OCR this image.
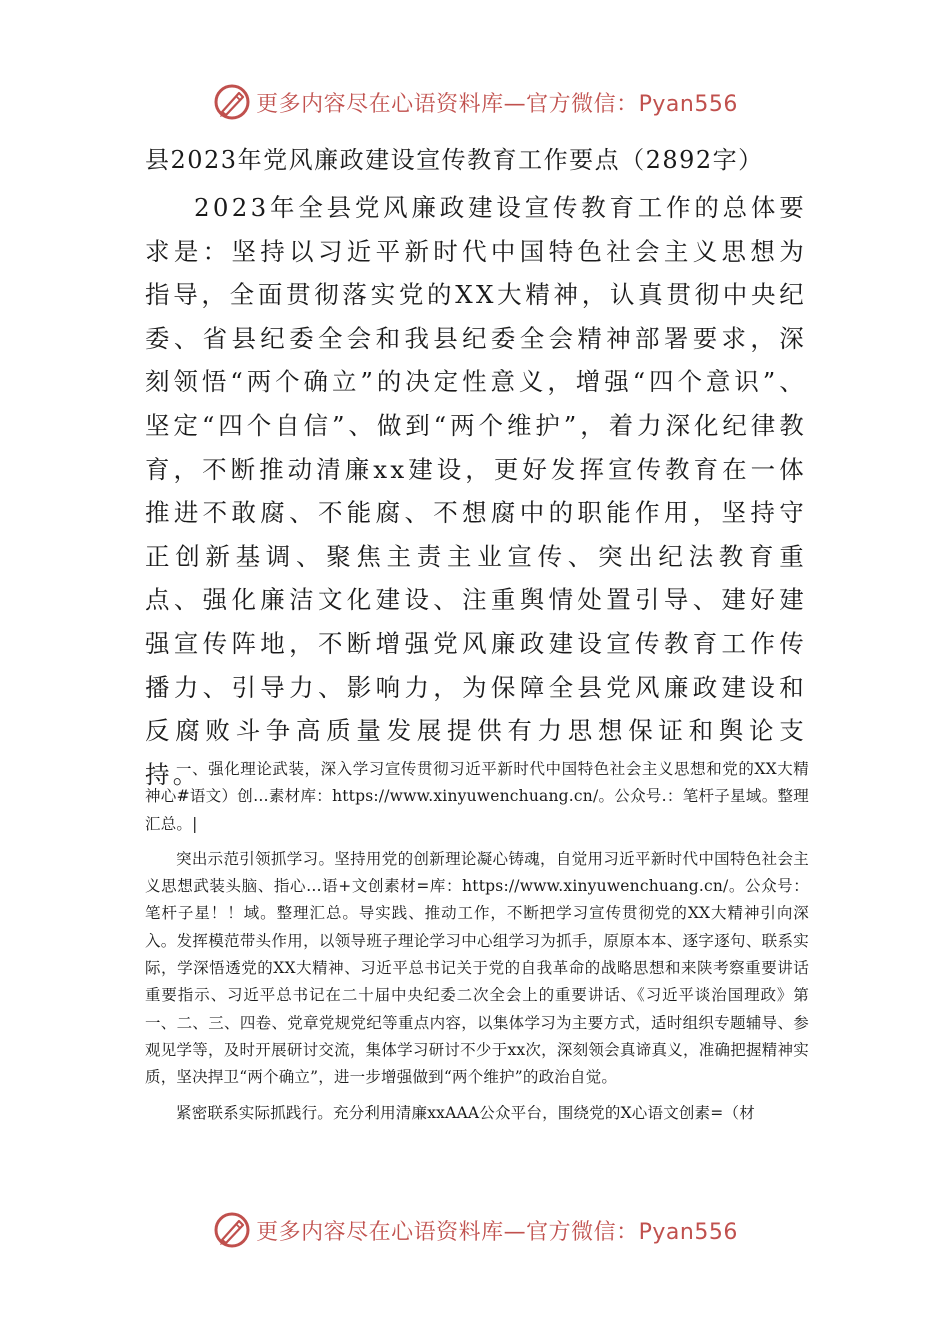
更多内容尽在心语资料库—官方微信：Pyan556
县2023年党风廉政建设宣传教育工作要点（2892字）

2023年全县党风廉政建设宣传教育工作的总体要求是：坚持以习近平新时代中国特色社会主义思想为指导，全面贯彻落实党的XX大精神，认真贯彻中央纪委、省县纪委全会和我县纪委全会精神部署要求，深刻领悟“两个确立”的决定性意义，增强“四个意识”、坚定“四个自信”、做到“两个维护”，着力深化纪律教育，不断推动清廉xx建设，更好发挥宣传教育在一体推进不敢腐、不能腐、不想腐中的职能作用，坚持守正创新基调、聚焦主责主业宣传、突出纪法教育重点、强化廉洁文化建设、注重舆情处置引导、建好建强宣传阵地，不断增强党风廉政建设宣传教育工作传播力、引导力、影响力，为保障全县党风廉政建设和反腐败斗争高质量发展提供有力思想保证和舆论支持。

一、强化理论武装，深入学习宣传贯彻习近平新时代中国特色社会主义思想和党的XX大精神心#语文）创…素材库：https://www.xinyuwenchuang.cn/。公众号.：笔杆子星域。整理汇总。|

突出示范引领抓学习。坚持用党的创新理论凝心铸魂，自觉用习近平新时代中国特色社会主义思想武装头脑、指心…语+文创素材=库：https://www.xinyuwenchuang.cn/。公众号：笔杆子星！！域。整理汇总。导实践、推动工作，不断把学习宣传贯彻党的XX大精神引向深入。发挥模范带头作用，以领导班子理论学习中心组学习为抓手，原原本本、逐字逐句、联系实际，学深悟透党的XX大精神、习近平总书记关于党的自我革命的战略思想和来陕考察重要讲话重要指示、习近平总书记在二十届中央纪委二次全会上的重要讲话、《习近平谈治国理政》第一、二、三、四卷、党章党规党纪等重点内容，以集体学习为主要方式，适时组织专题辅导、参观见学等，及时开展研讨交流，集体学习研讨不少于xx次，深刻领会真谛真义，准确把握精神实质，坚决捍卫“两个确立”，进一步增强做到“两个维护”的政治自觉。

紧密联系实际抓践行。充分利用清廉xxAAA公众平台，围绕党的X心语文创素=（材

更多内容尽在心语资料库—官方微信：Pyan556
